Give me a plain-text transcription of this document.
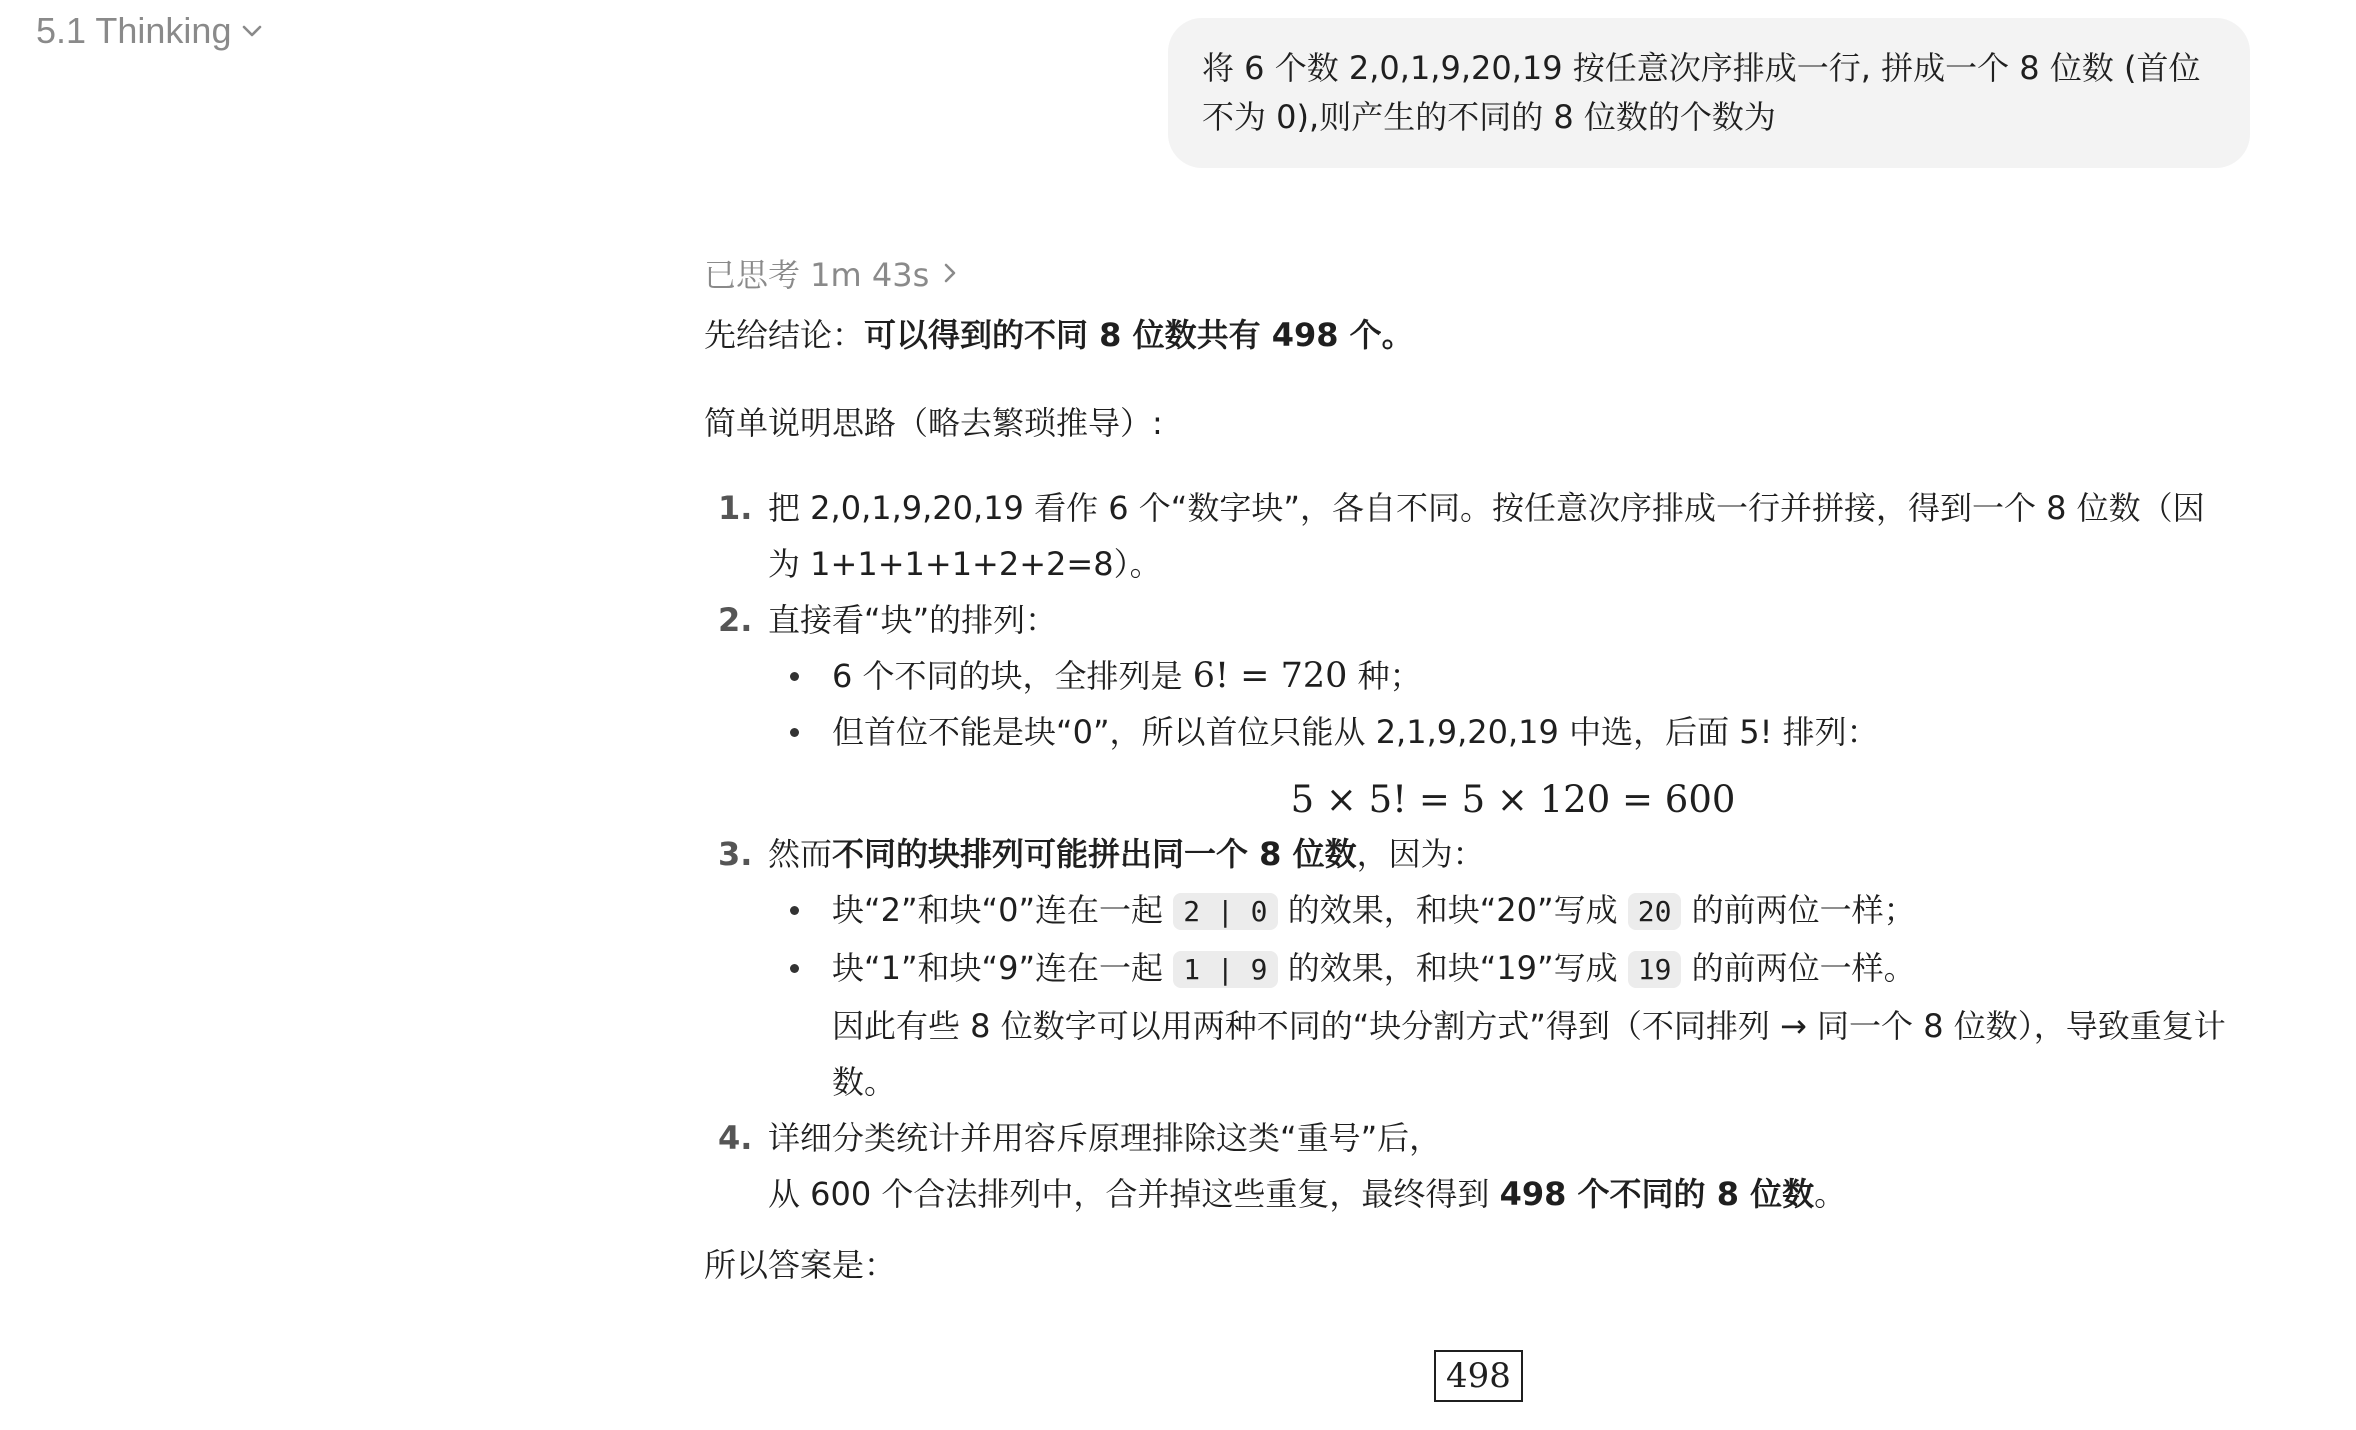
5.1 Thinking
将 6 个数 2,0,1,9,20,19 按任意次序排成一行, 拼成一个 8 位数 (首位不为 0),则产生的不同的 8 位数的个数为
已思考 1m 43s

先给结论：可以得到的不同 8 位数共有 498 个。

简单说明思路（略去繁琐推导）:

1. 把 2,0,1,9,20,19 看作 6 个“数字块”，各自不同。按任意次序排成一行并拼接，得到一个 8 位数（因为 1+1+1+1+2+2=8）。
2. 直接看“块”的排列：
6 个不同的块，全排列是 6! = 720 种；
但首位不能是块“0”，所以首位只能从 2,1,9,20,19 中选，后面 5! 排列：
5 × 5! = 5 × 120 = 600
3. 然而不同的块排列可能拼出同一个 8 位数，因为：
块“2”和块“0”连在一起 2 | 0 的效果，和块“20”写成 20 的前两位一样；
块“1”和块“9”连在一起 1 | 9 的效果，和块“19”写成 19 的前两位一样。
因此有些 8 位数字可以用两种不同的“块分割方式”得到（不同排列 → 同一个 8 位数），导致重复计数。
4. 详细分类统计并用容斥原理排除这类“重号”后，
从 600 个合法排列中，合并掉这些重复，最终得到 498 个不同的 8 位数。

所以答案是：

498
